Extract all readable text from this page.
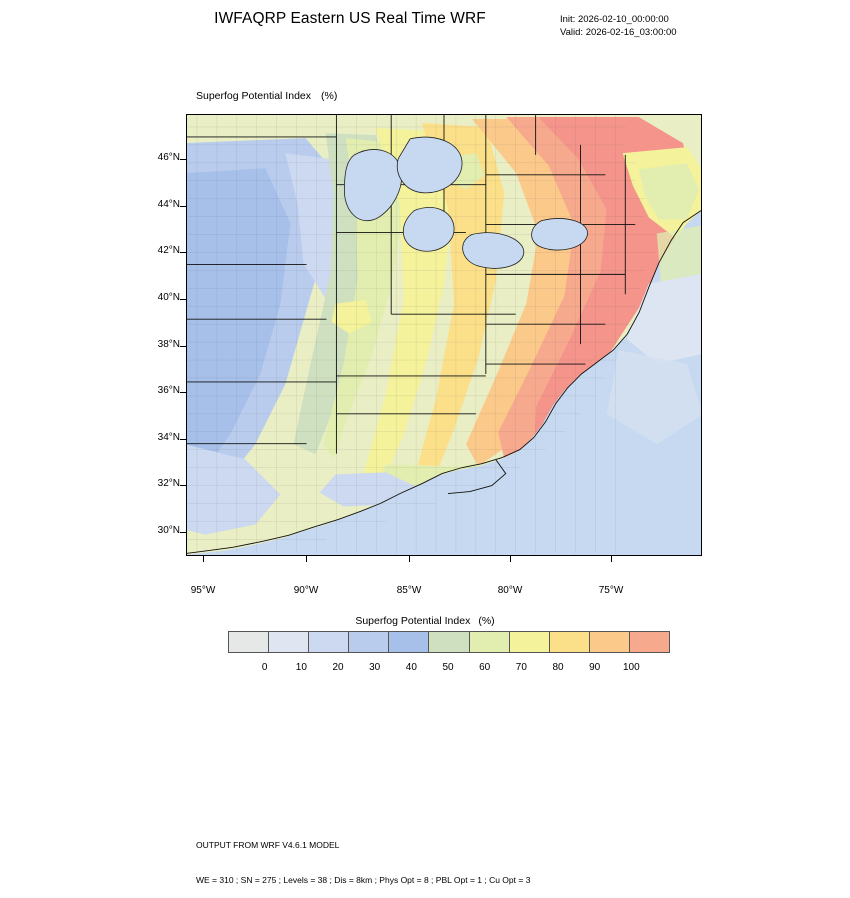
IWFAQRP Eastern US Real Time WRF	Init: 2026-02-10_00:00:00
Valid: 2026-02-16_03:00:00
Superfog Potential Index (%)
46°N
44°N
42°N
40°N
38°N
36°N
34°N
32°N
30°N
95°W	90°W	85°W	80°W	75°W
Superfog Potential Index (%)
0	10	20	30	40	50	60	70	80	90 100

OUTPUT FROM WRF V4.6.1 MODEL

WE = 310 ; SN = 275 ; Levels = 38 ; Dis = 8km ; Phys Opt = 8 ; PBL Opt = 1 ; Cu Opt = 3
